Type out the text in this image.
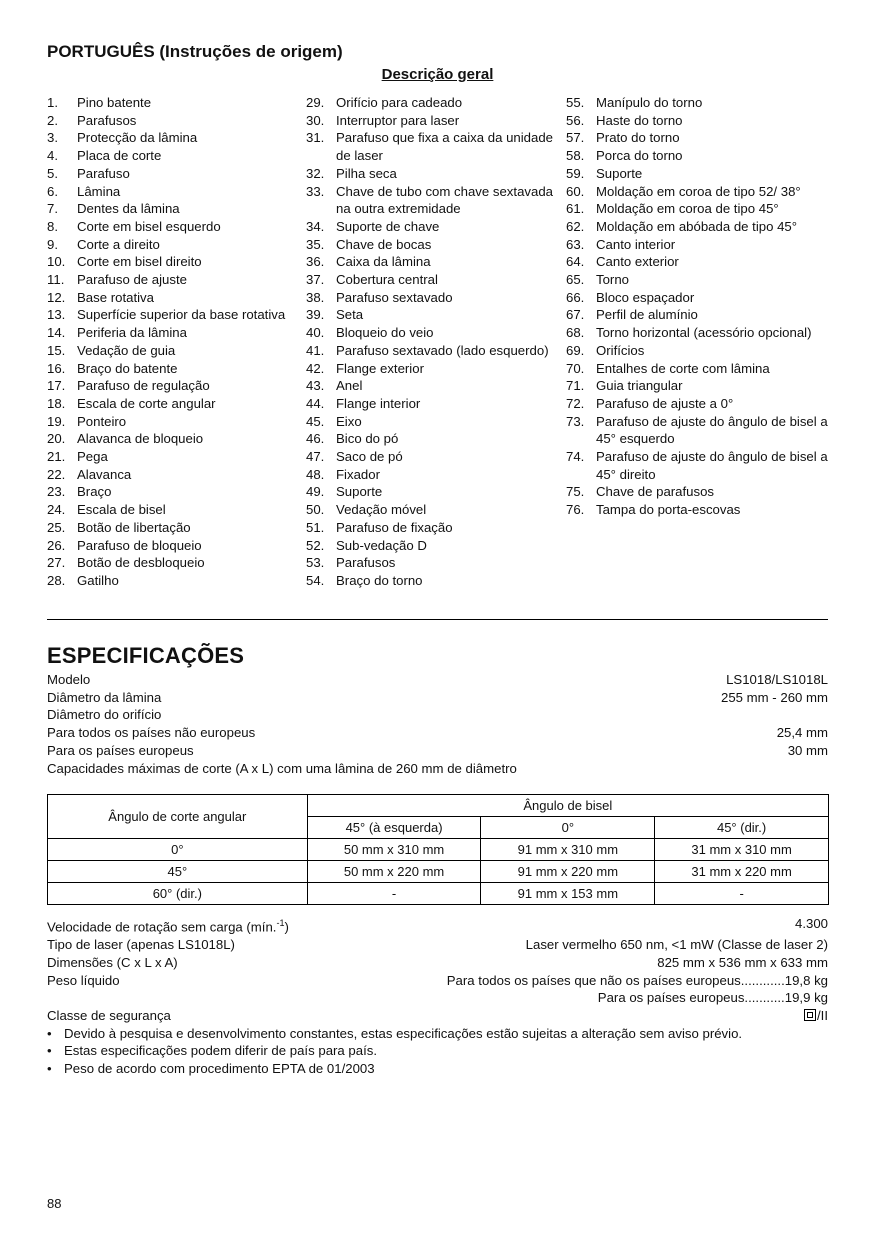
PORTUGUÊS (Instruções de origem)
Descrição geral
1.	Pino batente
2.	Parafusos
3.	Protecção da lâmina
4.	Placa de corte
5.	Parafuso
6.	Lâmina
7.	Dentes da lâmina
8.	Corte em bisel esquerdo
9.	Corte a direito
10. Corte em bisel direito
11. Parafuso de ajuste
12. Base rotativa
13. Superfície superior da base rotativa
14. Periferia da lâmina
15. Vedação de guia
16. Braço do batente
17. Parafuso de regulação
18. Escala de corte angular
19. Ponteiro
20. Alavanca de bloqueio
21. Pega
22. Alavanca
23. Braço
24. Escala de bisel
25. Botão de libertação
26. Parafuso de bloqueio
27. Botão de desbloqueio
28. Gatilho
29. Orifício para cadeado
30. Interruptor para laser
31. Parafuso que fixa a caixa da unidade de laser
32. Pilha seca
33. Chave de tubo com chave sextavada na outra extremidade
34. Suporte de chave
35. Chave de bocas
36. Caixa da lâmina
37. Cobertura central
38. Parafuso sextavado
39. Seta
40. Bloqueio do veio
41. Parafuso sextavado (lado esquerdo)
42. Flange exterior
43. Anel
44. Flange interior
45. Eixo
46. Bico do pó
47. Saco de pó
48. Fixador
49. Suporte
50. Vedação móvel
51. Parafuso de fixação
52. Sub-vedação D
53. Parafusos
54. Braço do torno
55. Manípulo do torno
56. Haste do torno
57. Prato do torno
58. Porca do torno
59. Suporte
60. Moldação em coroa de tipo 52/ 38°
61. Moldação em coroa de tipo 45°
62. Moldação em abóbada de tipo 45°
63. Canto interior
64. Canto exterior
65. Torno
66. Bloco espaçador
67. Perfil de alumínio
68. Torno horizontal (acessório opcional)
69. Orifícios
70. Entalhes de corte com lâmina
71. Guia triangular
72. Parafuso de ajuste a 0°
73. Parafuso de ajuste do ângulo de bisel a 45° esquerdo
74. Parafuso de ajuste do ângulo de bisel a 45° direito
75. Chave de parafusos
76. Tampa do porta-escovas
ESPECIFICAÇÕES
Modelo	LS1018/LS1018L
Diâmetro da lâmina	255 mm - 260 mm
Diâmetro do orifício
Para todos os países não europeus	25,4 mm
Para os países europeus	30 mm
Capacidades máximas de corte (A x L) com uma lâmina de 260 mm de diâmetro
Ângulo de corte angular	Ângulo de bisel		
	45° (à esquerda)	0°	45° (dir.)
0°	50 mm x 310 mm	91 mm x 310 mm	31 mm x 310 mm
45°	50 mm x 220 mm	91 mm x 220 mm	31 mm x 220 mm
60° (dir.)	-	91 mm x 153 mm	-
Velocidade de rotação sem carga (mín.$^{-1}$)	4.300
Tipo de laser (apenas LS1018L)	Laser vermelho 650 nm, <1 mW (Classe de laser 2)
Dimensões (C x L x A)	825 mm x 536 mm x 633 mm
Peso líquido	Para todos os países que não os países europeus............19,8 kg
Para os países europeus...........19,9 kg
Classe de segurança	/II
• Devido à pesquisa e desenvolvimento constantes, estas especificações estão sujeitas a alteração sem aviso prévio.
• Estas especificações podem diferir de país para país.
• Peso de acordo com procedimento EPTA de 01/2003
88
